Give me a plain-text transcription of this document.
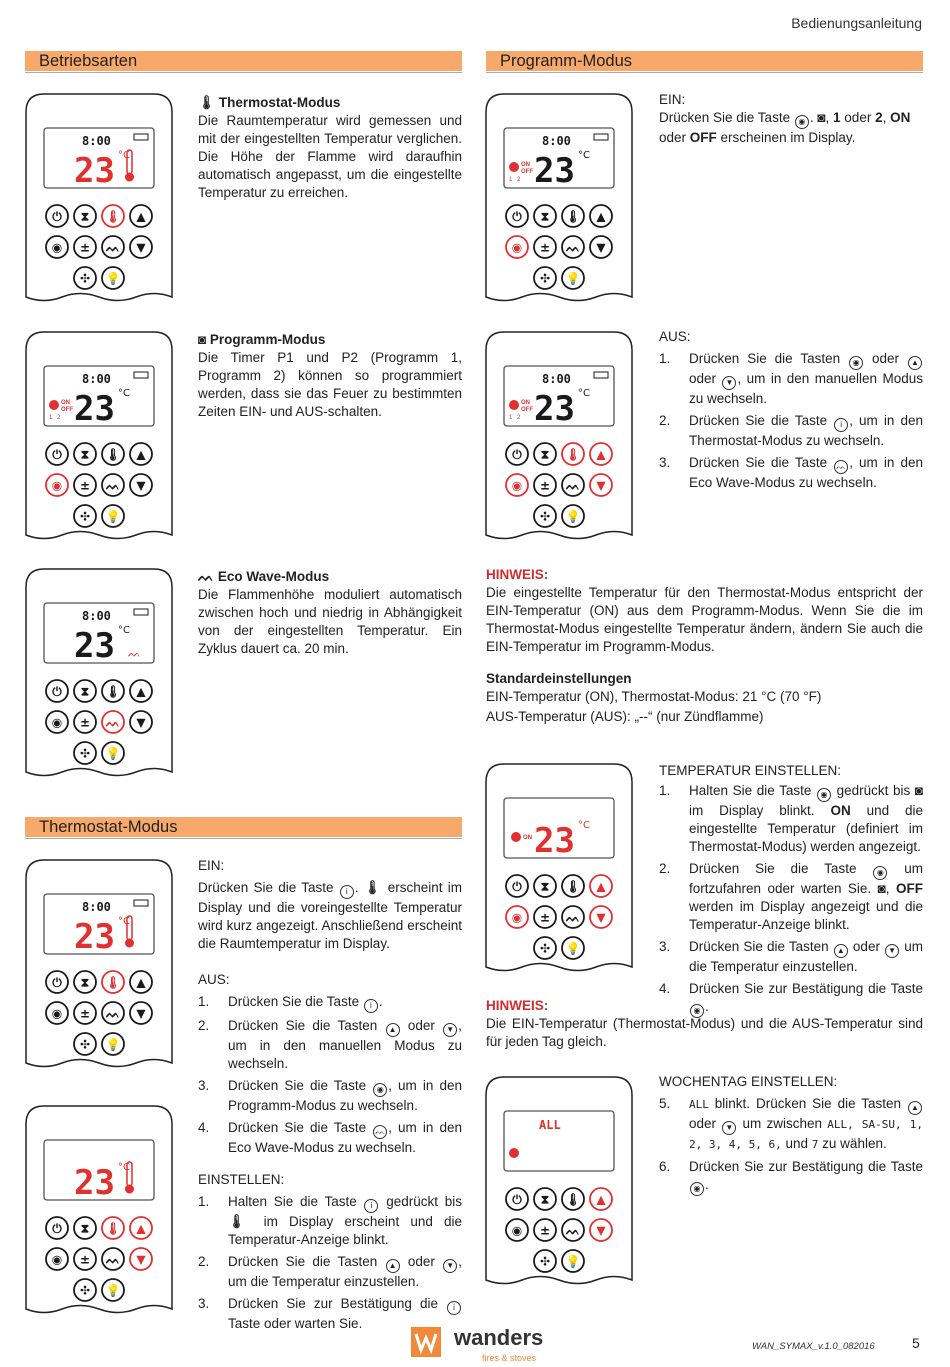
Bedienungsanleitung
Betriebsarten	Programm-Modus
Thermostat-Modus
8:00
23 °C
⏻ ⧗ 🌡 ▲
◉ ± ᨓ ▼
✣ 💡
8:00
23 °C
ON
OFF
1 2
⏻ ⧗ 🌡 ▲
◉ ± ᨓ ▼
✣ 💡
8:00
23 °C
ᨓ
⏻ ⧗ 🌡 ▲
◉ ± ᨓ ▼
✣ 💡
8:00
23 °C
⏻ ⧗ 🌡 ▲
◉ ± ᨓ ▼
✣ 💡
23 °C
⏻ ⧗ 🌡 ▲
◉ ± ᨓ ▼
✣ 💡
8:00
23 °C
ON
OFF
1 2
⏻ ⧗ 🌡 ▲
◉ ± ᨓ ▼
✣ 💡
8:00
23 °C
ON
OFF
1 2
⏻ ⧗ 🌡 ▲
◉ ± ᨓ ▼
✣ 💡
23 °C
ON
⏻ ⧗ 🌡 ▲
◉ ± ᨓ ▼
✣ 💡
ALL
⏻ ⧗ 🌡 ▲
◉ ± ᨓ ▼
✣ 💡
🌡 Thermostat-Modus
Die Raumtemperatur wird gemessen und mit der eingestellten Temperatur verglichen. Die Höhe der Flamme wird daraufhin automatisch angepasst, um die eingestellte Temperatur zu erreichen.
◙ Programm-Modus
Die Timer P1 und P2 (Programm 1, Programm 2) können so programmiert werden, dass sie das Feuer zu bestimmten Zeiten EIN- und AUS-schalten.
ᨓ Eco Wave-Modus
Die Flammenhöhe moduliert automatisch zwischen hoch und niedrig in Abhängigkeit von der eingestellten Temperatur. Ein Zyklus dauert ca. 20 min.
EIN:
Drücken Sie die Taste i . 🌡 erscheint im Display und die voreingestellte Temperatur wird kurz angezeigt. Anschließend erscheint die Raumtemperatur im Display.
AUS:
1. Drücken Sie die Taste i .
2. Drücken Sie die Tasten ▲ oder ▼ , um in den manuellen Modus zu wechseln.
3. Drücken Sie die Taste ◉ , um in den Programm-Modus zu wechseln.
4. Drücken Sie die Taste ᨓ , um in den Eco Wave-Modus zu wechseln.
EINSTELLEN:
1. Halten Sie die Taste i gedrückt bis 🌡 im Display erscheint und die Temperatur-Anzeige blinkt.
2. Drücken Sie die Tasten ▲ oder ▼ , um die Temperatur einzustellen.
3. Drücken Sie zur Bestätigung die i Taste oder warten Sie.
EIN:
Drücken Sie die Taste ◉ . ◙, 1 oder 2, ON
oder OFF erscheinen im Display.
AUS:
1. Drücken Sie die Tasten ◉ oder ▲ oder ▼ , um in den manuellen Modus zu wechseln.
2. Drücken Sie die Taste i , um in den Thermostat-Modus zu wechseln.
3. Drücken Sie die Taste ᨓ , um in den Eco Wave-Modus zu wechseln.
HINWEIS:
Die eingestellte Temperatur für den Thermostat-Modus entspricht der EIN-Temperatur (ON) aus dem Programm-Modus. Wenn Sie die im Thermostat-Modus eingestellte Temperatur ändern, ändern Sie auch die EIN-Temperatur im Programm-Modus.
Standardeinstellungen
EIN-Temperatur (ON), Thermostat-Modus: 21 °C (70 °F)
AUS-Temperatur (AUS): „--“ (nur Zündflamme)
TEMPERATUR EINSTELLEN:
1. Halten Sie die Taste ◉ gedrückt bis ◙ im Display blinkt. ON und die eingestellte Temperatur (definiert im Thermostat-Modus) werden angezeigt.
2. Drücken Sie die Taste	◉ um fortzufahren oder warten Sie. ◙, OFF werden im Display angezeigt und die Temperatur-Anzeige blinkt.
3. Drücken Sie die Tasten ▲ oder ▼ um die Temperatur einzustellen.
4. Drücken Sie zur Bestätigung die Taste ◉ .
HINWEIS:
Die EIN-Temperatur (Thermostat-Modus) und die AUS-Temperatur sind für jeden Tag gleich.
WOCHENTAG EINSTELLEN:
5. ALL blinkt. Drücken Sie die Tasten ▲ oder ▼ um zwischen ALL, SA-SU, 1, 2, 3, 4, 5, 6, und 7 zu wählen.
6. Drücken Sie zur Bestätigung die Taste ◉ .
wanders
fires & stoves
WAN_SYMAX_v.1.0_082016	5
